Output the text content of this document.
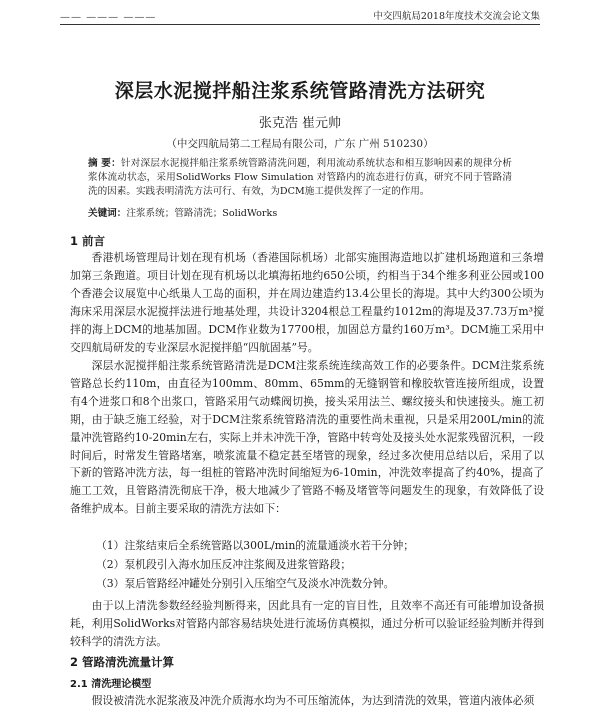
—— ——— ———	中交四航局2018年度技术交流会论文集
深层水泥搅拌船注浆系统管路清洗方法研究
张克浩 崔元帅
（中交四航局第二工程局有限公司，广东 广州 510230）
摘 要：针对深层水泥搅拌船注浆系统管路清洗问题，利用流动系统状态和相互影响因素的规律分析浆体流动状态，采用SolidWorks Flow Simulation 对管路内的流态进行仿真，研究不同于管路清洗的因素。实践表明清洗方法可行、有效，为DCM施工提供发挥了一定的作用。
关键词：注浆系统；管路清洗；SolidWorks
1 前言

香港机场管理局计划在现有机场（香港国际机场）北部实施围海造地以扩建机场跑道和三条增加第三条跑道。项目计划在现有机场以北填海拓地约650公顷，约相当于34个维多利亚公园或100个香港会议展览中心纸巢人工岛的面积，并在周边建造约13.4公里长的海堤。其中大约300公顷为海床采用深层水泥搅拌法进行地基处理，共设计3204根总工程量约1012m的海堤及37.73万m³搅拌的海上DCM的地基加固。DCM作业数为17700根，加固总方量约160万m³。DCM施工采用中交四航局研发的专业深层水泥搅拌船“四航固基”号。

深层水泥搅拌船注浆系统管路清洗是DCM注浆系统连续高效工作的必要条件。DCM注浆系统管路总长约110m，由直径为100mm、80mm、65mm的无缝钢管和橡胶软管连接所组成，设置有4个进浆口和8个出浆口，管路采用气动蝶阀切换，接头采用法兰、螺纹接头和快速接头。施工初期，由于缺乏施工经验，对于DCM注浆系统管路清洗的重要性尚未重视，只是采用200L/min的流量冲洗管路约10-20min左右，实际上并未冲洗干净，管路中转弯处及接头处水泥浆残留沉积，一段时间后，时常发生管路堵塞，喷浆流量不稳定甚至堵管的现象，经过多次使用总结以后，采用了以下新的管路冲洗方法，每一组桩的管路冲洗时间缩短为6-10min，冲洗效率提高了约40%，提高了施工工效，且管路清洗彻底干净，极大地减少了管路不畅及堵管等问题发生的现象，有效降低了设备维护成本。目前主要采取的清洗方法如下：

（1）注浆结束后全系统管路以300L/min的流量通淡水若干分钟；
（2）泵机段引入海水加压反冲注浆阀及进浆管路段；
（3）泵后管路经冲罐处分别引入压缩空气及淡水冲洗数分钟。

由于以上清洗参数经经验判断得来，因此具有一定的盲目性，且效率不高还有可能增加设备损耗，利用SolidWorks对管路内部容易结块处进行流场仿真模拟，通过分析可以验证经验判断并得到较科学的清洗方法。

2 管路清洗流量计算
2.1 清洗理论模型

假设被清洗水泥浆液及冲洗介质海水均为不可压缩流体，为达到清洗的效果，管道内液体必须
